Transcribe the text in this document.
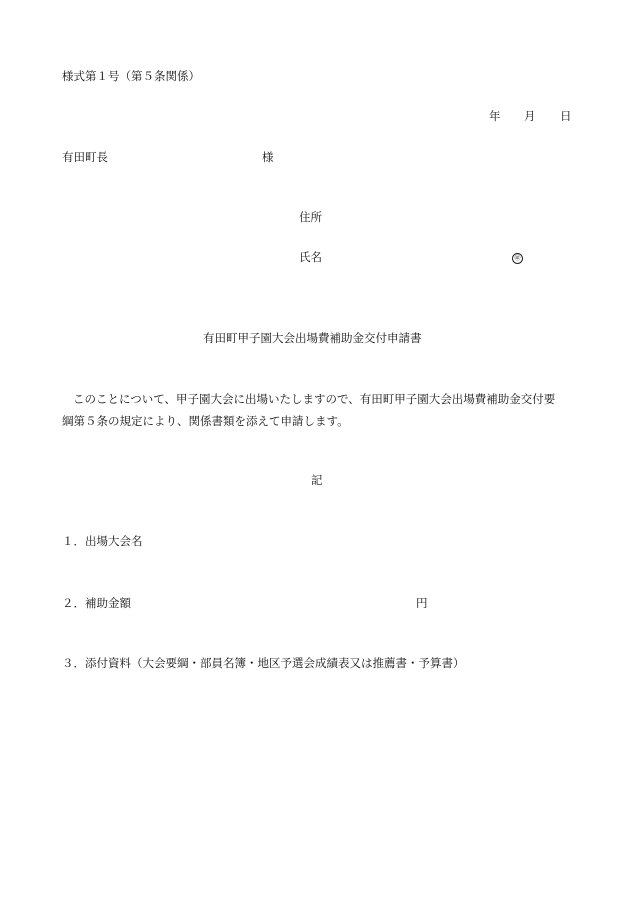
様式第１号（第５条関係）
年 月 日
有田町長	様
住所
氏名	㊞
有田町甲子園大会出場費補助金交付申請書

このことについて、甲子園大会に出場いたしますので、有田町甲子園大会出場費補助金交付要

綱第５条の規定により、関係書類を添えて申請します。

記
１．出場大会名
２．補助金額	円
３．添付資料（大会要綱・部員名簿・地区予選会成績表又は推薦書・予算書）
